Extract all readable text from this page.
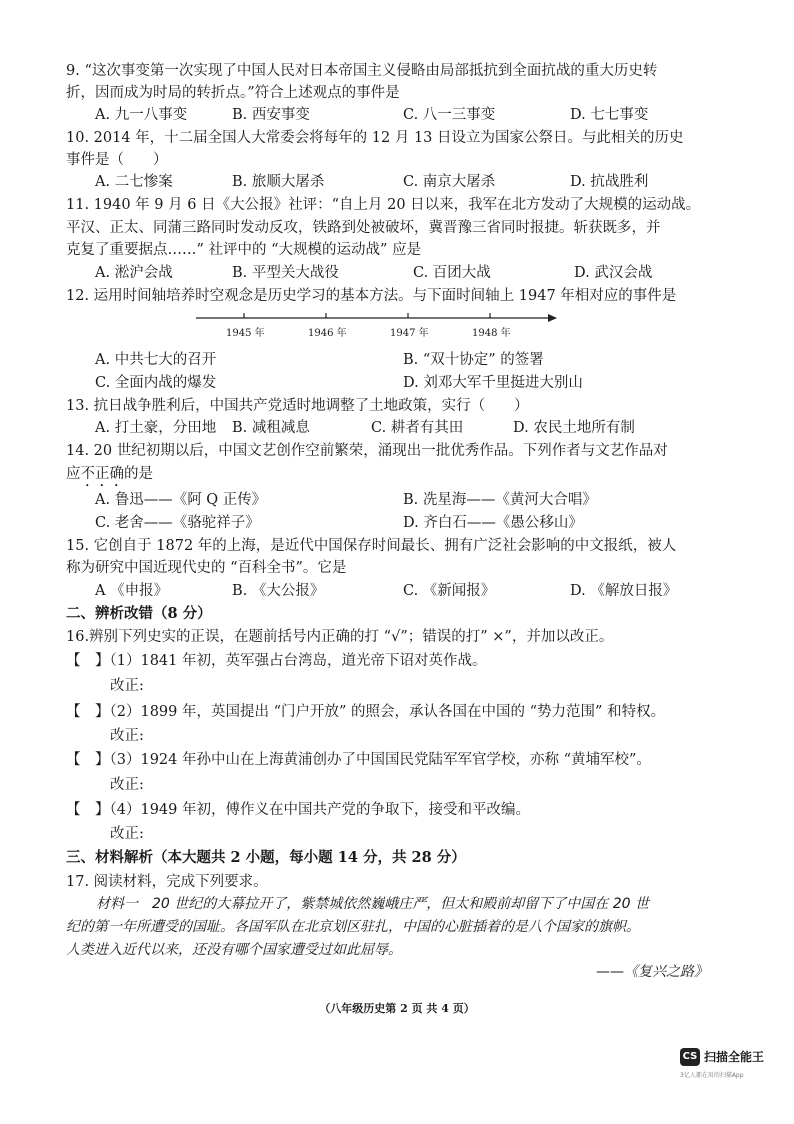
9. “这次事变第一次实现了中国人民对日本帝国主义侵略由局部抵抗到全面抗战的重大历史转
折，因而成为时局的转折点。”符合上述观点的事件是
A. 九一八事变	B. 西安事变	C. 八一三事变	D. 七七事变
10. 2014 年，十二届全国人大常委会将每年的 12 月 13 日设立为国家公祭日。与此相关的历史
事件是（　　）
A. 二七惨案	B. 旅顺大屠杀	C. 南京大屠杀	D. 抗战胜利
11. 1940 年 9 月 6 日《大公报》社评：“自上月 20 日以来，我军在北方发动了大规模的运动战。
平汉、正太、同蒲三路同时发动反攻，铁路到处被破坏，冀晋豫三省同时报捷。斩获既多，并
克复了重要据点……” 社评中的 “大规模的运动战” 应是
A. 淞沪会战	B. 平型关大战役	C. 百团大战	D. 武汉会战
12. 运用时间轴培养时空观念是历史学习的基本方法。与下面时间轴上 1947 年相对应的事件是
1945 年	1946 年	1947 年	1948 年
A. 中共七大的召开	B. “双十协定” 的签署
C. 全面内战的爆发	D. 刘邓大军千里挺进大别山
13. 抗日战争胜利后，中国共产党适时地调整了土地政策，实行（　　）
A. 打土豪，分田地 B. 减租减息	C. 耕者有其田	D. 农民土地所有制
14. 20 世纪初期以后，中国文艺创作空前繁荣，涌现出一批优秀作品。下列作者与文艺作品对
应不正确的是
A. 鲁迅——《阿 Q 正传》	B. 冼星海——《黄河大合唱》
C. 老舍——《骆驼祥子》	D. 齐白石——《愚公移山》
15. 它创自于 1872 年的上海，是近代中国保存时间最长、拥有广泛社会影响的中文报纸，被人
称为研究中国近现代史的 “百科全书”。它是
A 《申报》	B. 《大公报》	C. 《新闻报》	D. 《解放日报》
二、辨析改错（8 分）
16.辨别下列史实的正误，在题前括号内正确的打 “√”；错误的打” ×”，并加以改正。
【　】（1）1841 年初，英军强占台湾岛，道光帝下诏对英作战。
改正:
【　】（2）1899 年，英国提出 “门户开放” 的照会，承认各国在中国的 “势力范围” 和特权。
改正:
【　】（3）1924 年孙中山在上海黄浦创办了中国国民党陆军军官学校，亦称 “黄埔军校”。
改正:
【　】（4）1949 年初，傅作义在中国共产党的争取下，接受和平改编。
改正:
三、材料解析（本大题共 2 小题，每小题 14 分，共 28 分）
17. 阅读材料，完成下列要求。
材料一　20 世纪的大幕拉开了，紫禁城依然巍峨庄严，但太和殿前却留下了中国在 20 世
纪的第一年所遭受的国耻。各国军队在北京划区驻扎，中国的心脏插着的是八个国家的旗帜。
人类进入近代以来，还没有哪个国家遭受过如此屈辱。
——《复兴之路》
（八年级历史第 2 页 共 4 页）
CS 扫描全能王
3亿人都在用的扫描App
